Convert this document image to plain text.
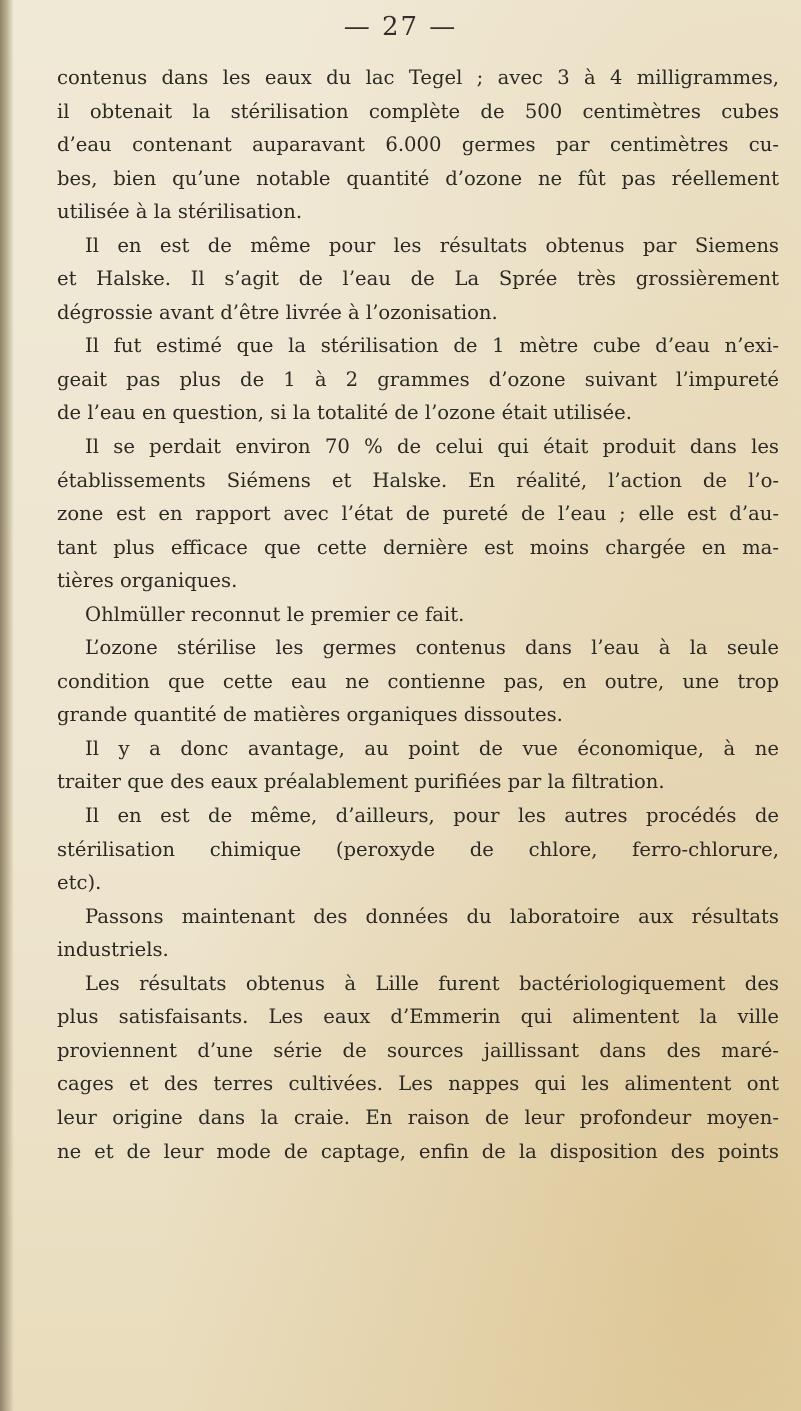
— 27 —
contenus dans les eaux du lac Tegel ; avec 3 à 4 milligrammes,
il obtenait la stérilisation complète de 500 centimètres cubes
d’eau contenant auparavant 6.000 germes par centimètres cu-
bes, bien qu’une notable quantité d’ozone ne fût pas réellement
utilisée à la stérilisation.
Il en est de même pour les résultats obtenus par Siemens
et Halske. Il s’agit de l’eau de La Sprée très grossièrement
dégrossie avant d’être livrée à l’ozonisation.
Il fut estimé que la stérilisation de 1 mètre cube d’eau n’exi-
geait pas plus de 1 à 2 grammes d’ozone suivant l’impureté
de l’eau en question, si la totalité de l’ozone était utilisée.
Il se perdait environ 70 % de celui qui était produit dans les
établissements Siémens et Halske. En réalité, l’action de l’o-
zone est en rapport avec l’état de pureté de l’eau ; elle est d’au-
tant plus efficace que cette dernière est moins chargée en ma-
tières organiques.
Ohlmüller reconnut le premier ce fait.
L’ozone stérilise les germes contenus dans l’eau à la seule
condition que cette eau ne contienne pas, en outre, une trop
grande quantité de matières organiques dissoutes.
Il y a donc avantage, au point de vue économique, à ne
traiter que des eaux préalablement purifiées par la filtration.
Il en est de même, d’ailleurs, pour les autres procédés de
stérilisation chimique (peroxyde de chlore, ferro-chlorure,
etc).
Passons maintenant des données du laboratoire aux résultats
industriels.
Les résultats obtenus à Lille furent bactériologiquement des
plus satisfaisants. Les eaux d’Emmerin qui alimentent la ville
proviennent d’une série de sources jaillissant dans des maré-
cages et des terres cultivées. Les nappes qui les alimentent ont
leur origine dans la craie. En raison de leur profondeur moyen-
ne et de leur mode de captage, enfin de la disposition des points
